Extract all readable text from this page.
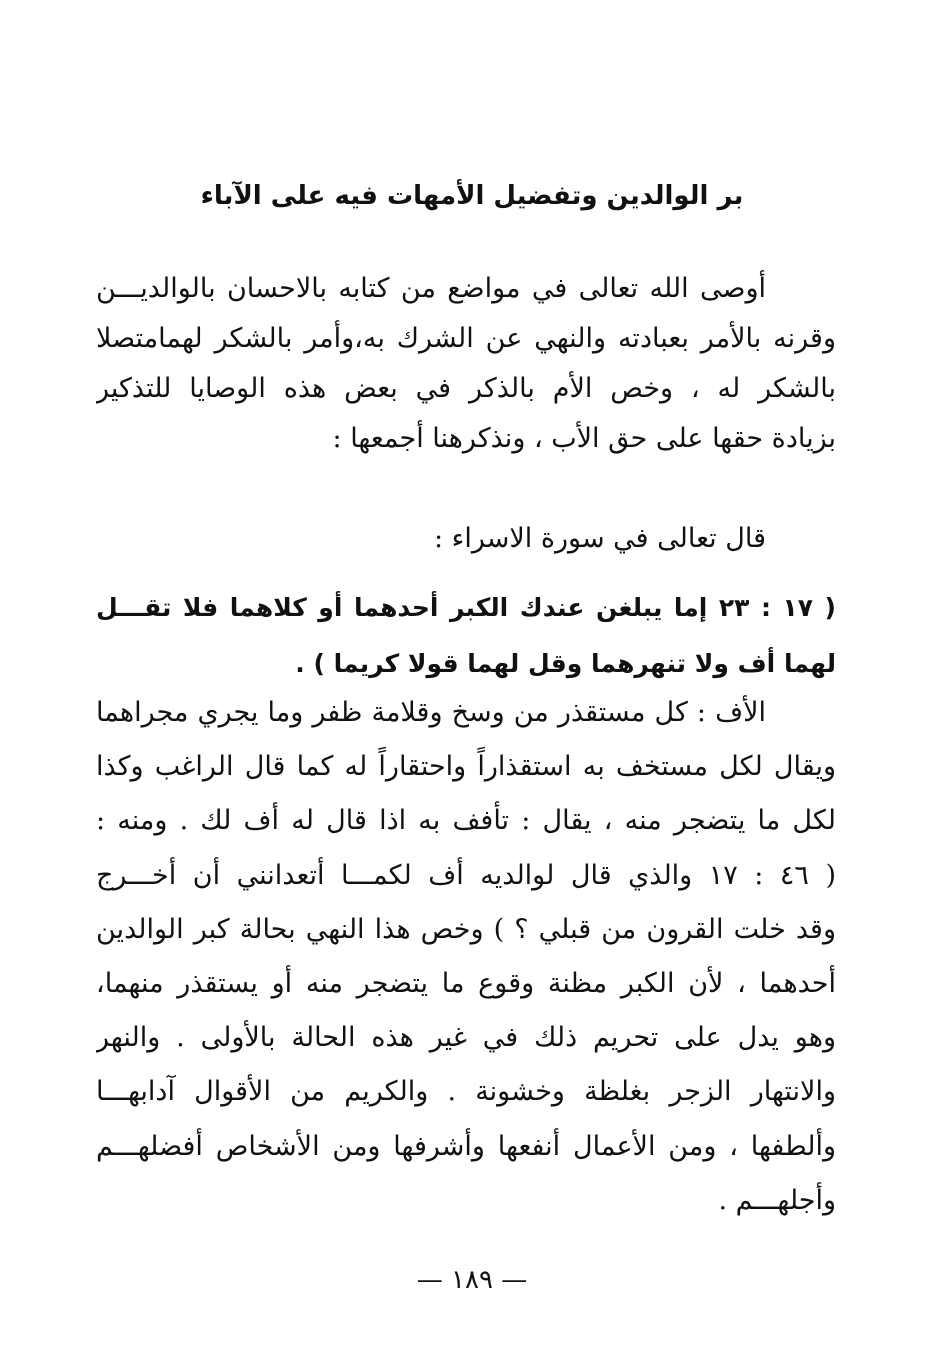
بر الوالدين وتفضيل الأمهات فيه على الآباء
أوصى الله تعالى في مواضع من كتابه بالاحسان بالوالديـــن
وقرنه بالأمر بعبادته والنهي عن الشرك به،وأمر بالشكر لهمامتصلا
بالشكر له ، وخص الأم بالذكر في بعض هذه الوصايا للتذكير
بزيادة حقها على حق الأب ، ونذكرهنا أجمعها :
قال تعالى في سورة الاسراء :
( ١٧ : ٢٣ إما يبلغن عندك الكبر أحدهما أو كلاهما فلا تقـــل
لهما أف ولا تنهرهما وقل لهما قولا كريما ) .
الأف : كل مستقذر من وسخ وقلامة ظفر وما يجري مجراهما
ويقال لكل مستخف به استقذاراً واحتقاراً له كما قال الراغب وكذا
لكل ما يتضجر منه ، يقال : تأفف به اذا قال له أف لك . ومنه :
( ٤٦ : ١٧ والذي قال لوالديه أف لكمـــا أتعدانني أن أخـــرج
وقد خلت القرون من قبلي ؟ ) وخص هذا النهي بحالة كبر الوالدين
أحدهما ، لأن الكبر مظنة وقوع ما يتضجر منه أو يستقذر منهما،
وهو يدل على تحريم ذلك في غير هذه الحالة بالأولى . والنهر
والانتهار الزجر بغلظة وخشونة . والكريم من الأقوال آدابهـــا
وألطفها ، ومن الأعمال أنفعها وأشرفها ومن الأشخاص أفضلهـــم
وأجلهـــم .
— ١٨٩ —
